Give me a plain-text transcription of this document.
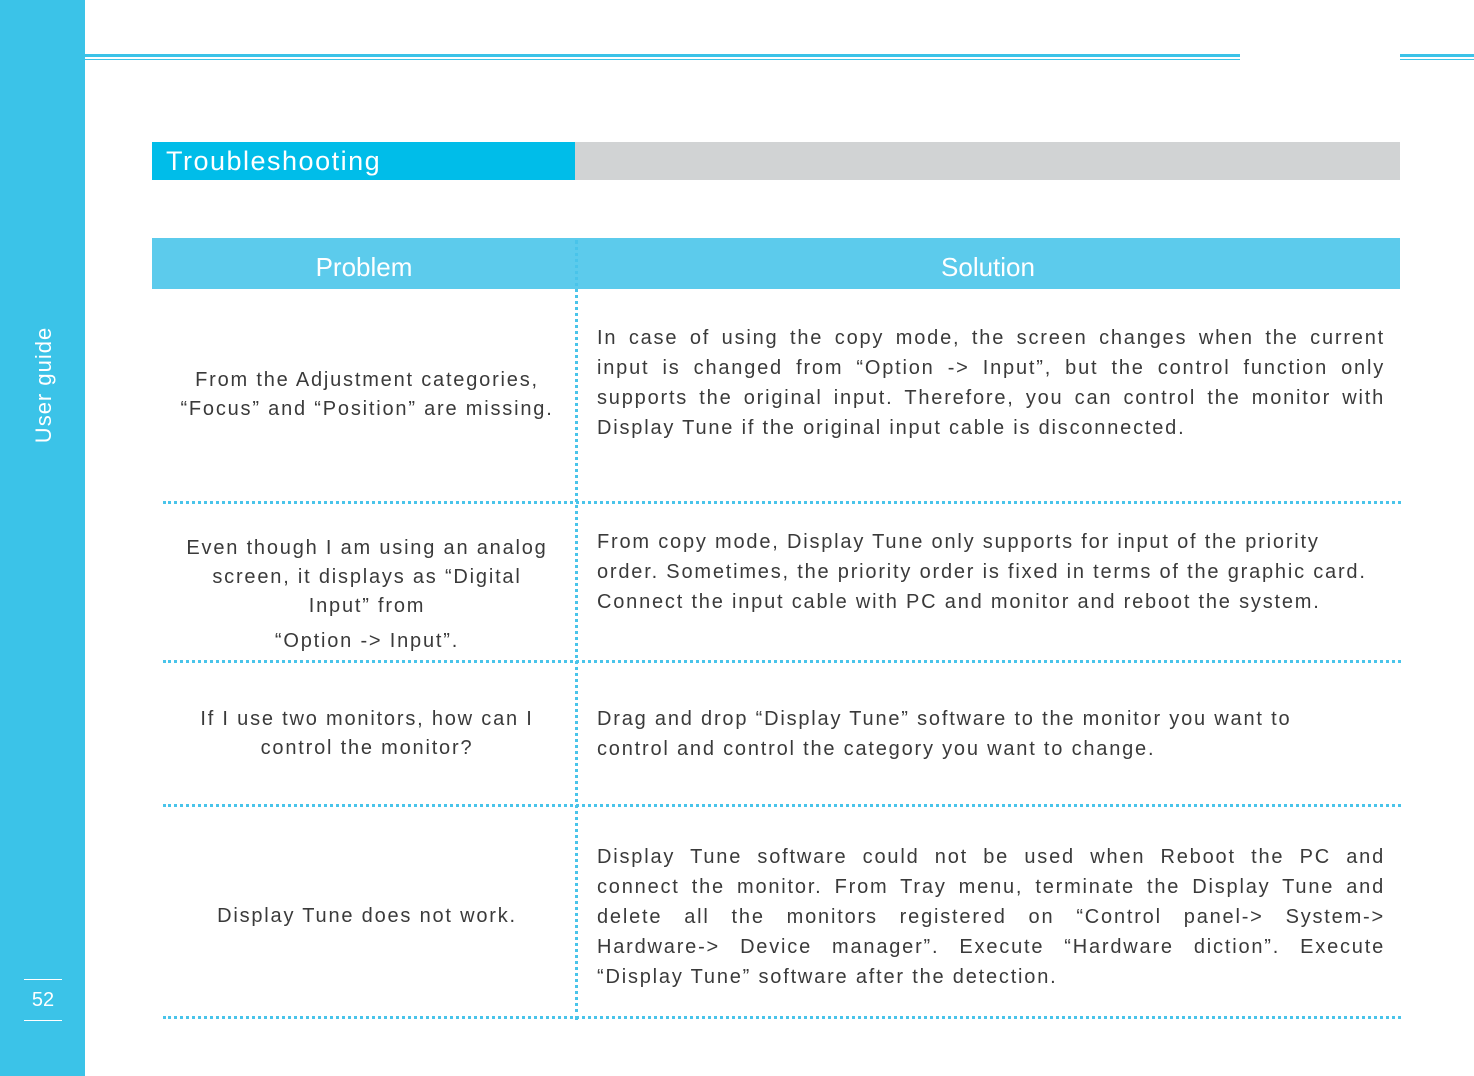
User guide
52
Troubleshooting
Problem	Solution
From the Adjustment categories, “Focus” and “Position” are missing.
In case of using the copy mode, the screen changes when the current input is changed from “Option -> Input”, but the control function only supports the original input. Therefore, you can control the monitor with Display Tune if the original input cable is disconnected.

Even though I am using an analog screen, it displays as “Digital Input” from

“Option -> Input”.

From copy mode, Display Tune only supports for input of the priority order. Sometimes, the priority order is fixed in terms of the graphic card. Connect the input cable with PC and monitor and reboot the system.
If I use two monitors, how can I control the monitor?
Drag and drop “Display Tune” software to the monitor you want to control and control the category you want to change.
Display Tune does not work.
Display Tune software could not be used when Reboot the PC and connect the monitor. From Tray menu, terminate the Display Tune and delete all the monitors registered on “Control panel-> System-> Hardware-> Device manager”. Execute “Hardware diction”. Execute “Display Tune” software after the detection.
